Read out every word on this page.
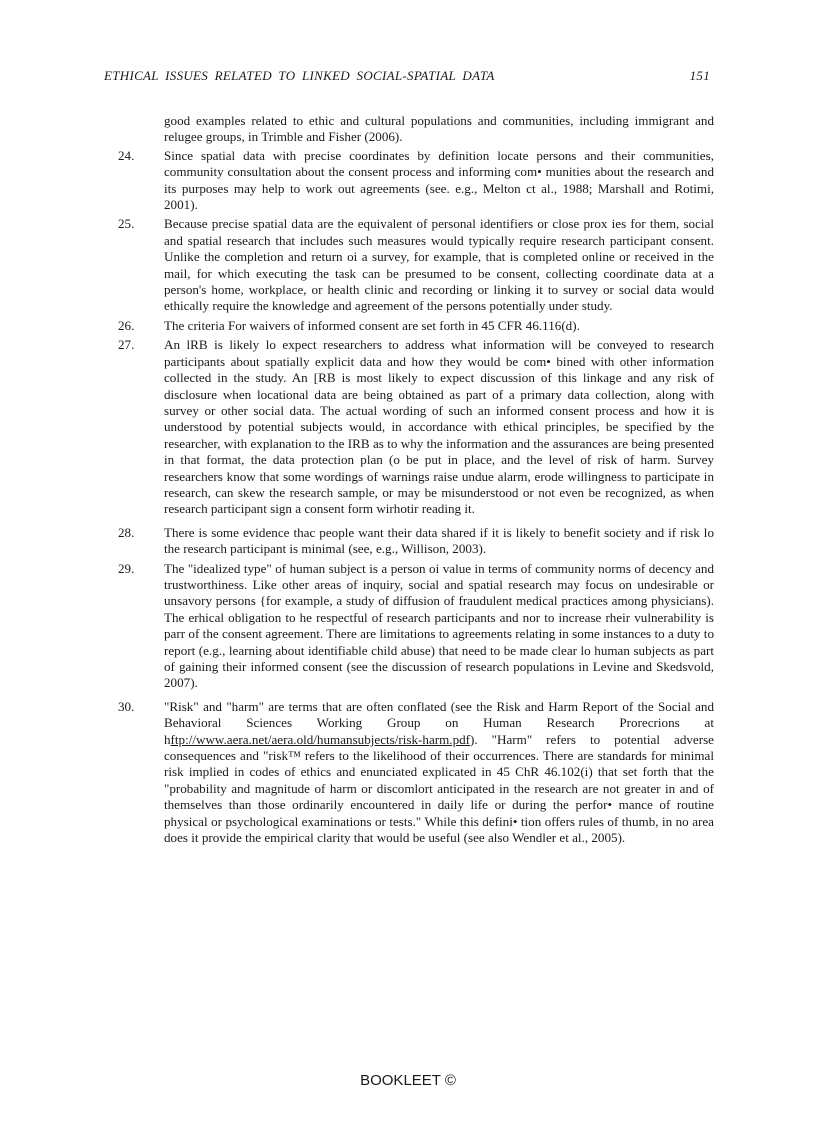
ETHICAL ISSUES RELATED TO LINKED SOCIAL-SPATIAL DATA	151
good examples related to ethic and cultural populations and communities, including immigrant and relugee groups, in Trimble and Fisher (2006).
24.	Since spatial data with precise coordinates by definition locate persons and their communities, community consultation about the consent process and informing com• munities about the research and its purposes may help to work out agreements (see. e.g., Melton ct al., 1988; Marshall and Rotimi, 2001).
25.	Because precise spatial data are the equivalent of personal identifiers or close prox ies for them, social and spatial research that includes such measures would typically require research participant consent. Unlike the completion and return oi a survey, for example, that is completed online or received in the mail, for which executing the task can be presumed to be consent, collecting coordinate data at a person's home, workplace, or health clinic and recording or linking it to survey or social data would ethically require the knowledge and agreement of the persons potentially under study.
26.	The criteria For waivers of informed consent are set forth in 45 CFR 46.116(d).
27.	An lRB is likely lo expect researchers to address what information will be conveyed to research participants about spatially explicit data and how they would be com• bined with other information collected in the study. An [RB is most likely to expect discussion of this linkage and any risk of disclosure when locational data are being obtained as part of a primary data collection, along with survey or other social data. The actual wording of such an informed consent process and how it is understood by potential subjects would, in accordance with ethical principles, be specified by the researcher, with explanation to the IRB as to why the information and the assurances are being presented in that format, the data protection plan (o be put in place, and the level of risk of harm. Survey researchers know that some wordings of warnings raise undue alarm, erode willingness to participate in research, can skew the research sample, or may be misunderstood or not even be recognized, as when research participant sign a consent form wirhotir reading it.
28.	There is some evidence thac people want their data shared if it is likely to benefit society and if risk lo the research participant is minimal (see, e.g., Willison, 2003).
29.	The "idealized type" of human subject is a person oi value in terms of community norms of decency and trustworthiness. Like other areas of inquiry, social and spatial research may focus on undesirable or unsavory persons {for example, a study of diffusion of fraudulent medical practices among physicians). The erhical obligation to he respectful of research participants and nor to increase rheir vulnerability is parr of the consent agreement. There are limitations to agreements relating in some instances to a duty to report (e.g., learning about identifiable child abuse) that need to be made clear lo human subjects as part of gaining their informed consent (see the discussion of research populations in Levine and Skedsvold, 2007).
30.	"Risk" and "harm" are terms that are often conflated (see the Risk and Harm Report of the Social and Behavioral Sciences Working Group on Human Research Prorecrions at hftp://www.aera.net/aera.old/humansubjects/risk-harm.pdf). "Harm" refers to potential adverse consequences and "risk™ refers to the likelihood of their occurrences. There are standards for minimal risk implied in codes of ethics and enunciated explicated in 45 ChR 46.102(i) that set forth that the "probability and magnitude of harm or discomlort anticipated in the research are not greater in and of themselves than those ordinarily encountered in daily life or during the perfor• mance of routine physical or psychological examinations or tests." While this defini• tion offers rules of thumb, in no area does it provide the empirical clarity that would be useful (see also Wendler et al., 2005).
BOOKLEET ©
